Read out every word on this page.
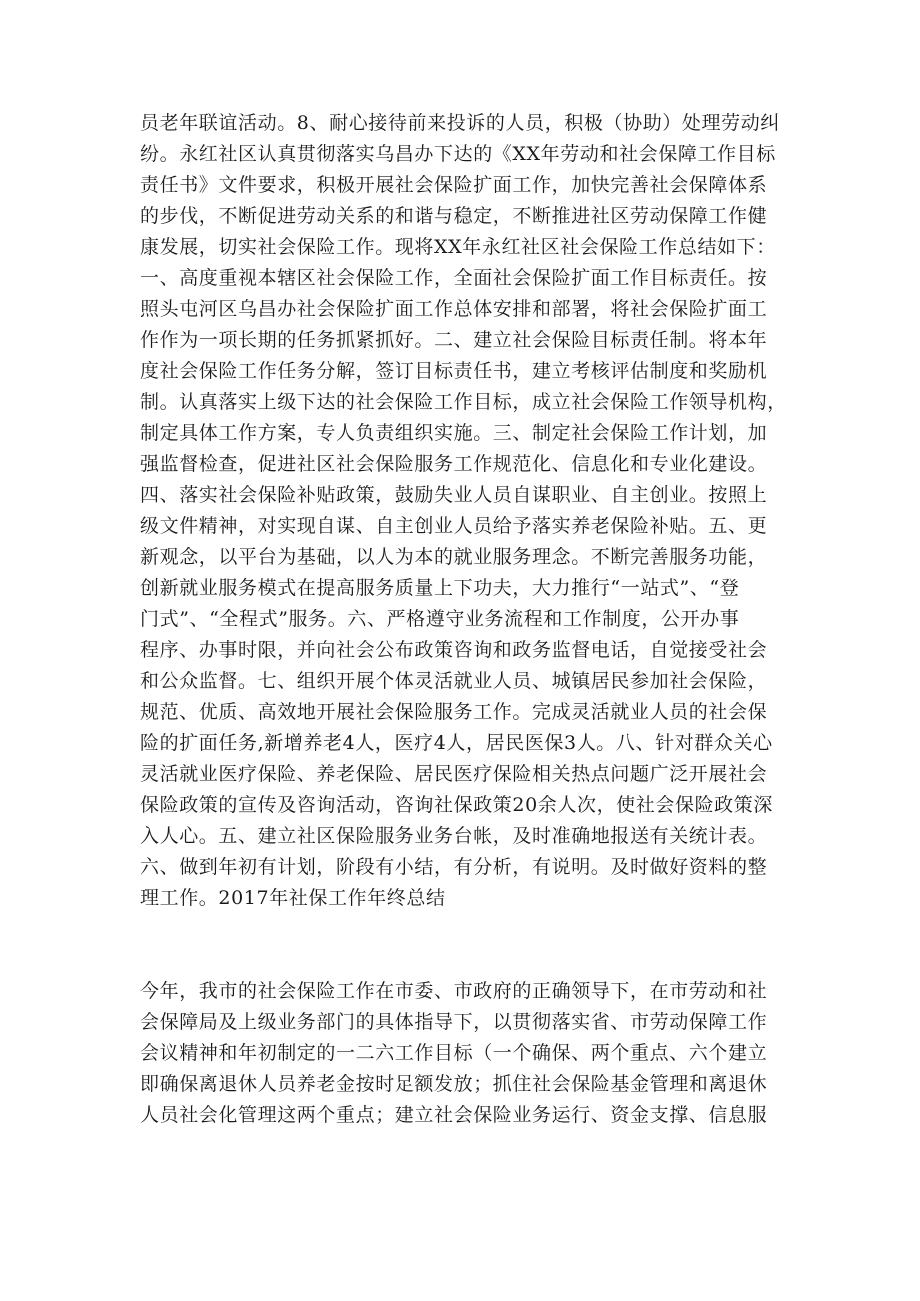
员老年联谊活动。8、耐心接待前来投诉的人员，积极（协助）处理劳动纠
纷。永红社区认真贯彻落实乌昌办下达的《XX年劳动和社会保障工作目标
责任书》文件要求，积极开展社会保险扩面工作，加快完善社会保障体系
的步伐，不断促进劳动关系的和谐与稳定，不断推进社区劳动保障工作健
康发展，切实社会保险工作。现将XX年永红社区社会保险工作总结如下：
一、高度重视本辖区社会保险工作，全面社会保险扩面工作目标责任。按
照头屯河区乌昌办社会保险扩面工作总体安排和部署，将社会保险扩面工
作作为一项长期的任务抓紧抓好。二、建立社会保险目标责任制。将本年
度社会保险工作任务分解，签订目标责任书，建立考核评估制度和奖励机
制。认真落实上级下达的社会保险工作目标，成立社会保险工作领导机构，
制定具体工作方案，专人负责组织实施。三、制定社会保险工作计划，加
强监督检查，促进社区社会保险服务工作规范化、信息化和专业化建设。
四、落实社会保险补贴政策，鼓励失业人员自谋职业、自主创业。按照上
级文件精神，对实现自谋、自主创业人员给予落实养老保险补贴。五、更
新观念，以平台为基础，以人为本的就业服务理念。不断完善服务功能，
创新就业服务模式在提高服务质量上下功夫，大力推行“一站式”、“登
门式”、“全程式”服务。六、严格遵守业务流程和工作制度，公开办事
程序、办事时限，并向社会公布政策咨询和政务监督电话，自觉接受社会
和公众监督。七、组织开展个体灵活就业人员、城镇居民参加社会保险，
规范、优质、高效地开展社会保险服务工作。完成灵活就业人员的社会保
险的扩面任务,新增养老4人，医疗4人，居民医保3人。八、针对群众关心
灵活就业医疗保险、养老保险、居民医疗保险相关热点问题广泛开展社会
保险政策的宣传及咨询活动，咨询社保政策20余人次，使社会保险政策深
入人心。五、建立社区保险服务业务台帐，及时准确地报送有关统计表。
六、做到年初有计划，阶段有小结，有分析，有说明。及时做好资料的整
理工作。2017年社保工作年终总结
今年，我市的社会保险工作在市委、市政府的正确领导下，在市劳动和社
会保障局及上级业务部门的具体指导下，以贯彻落实省、市劳动保障工作
会议精神和年初制定的一二六工作目标（一个确保、两个重点、六个建立
即确保离退休人员养老金按时足额发放；抓住社会保险基金管理和离退休
人员社会化管理这两个重点；建立社会保险业务运行、资金支撑、信息服
